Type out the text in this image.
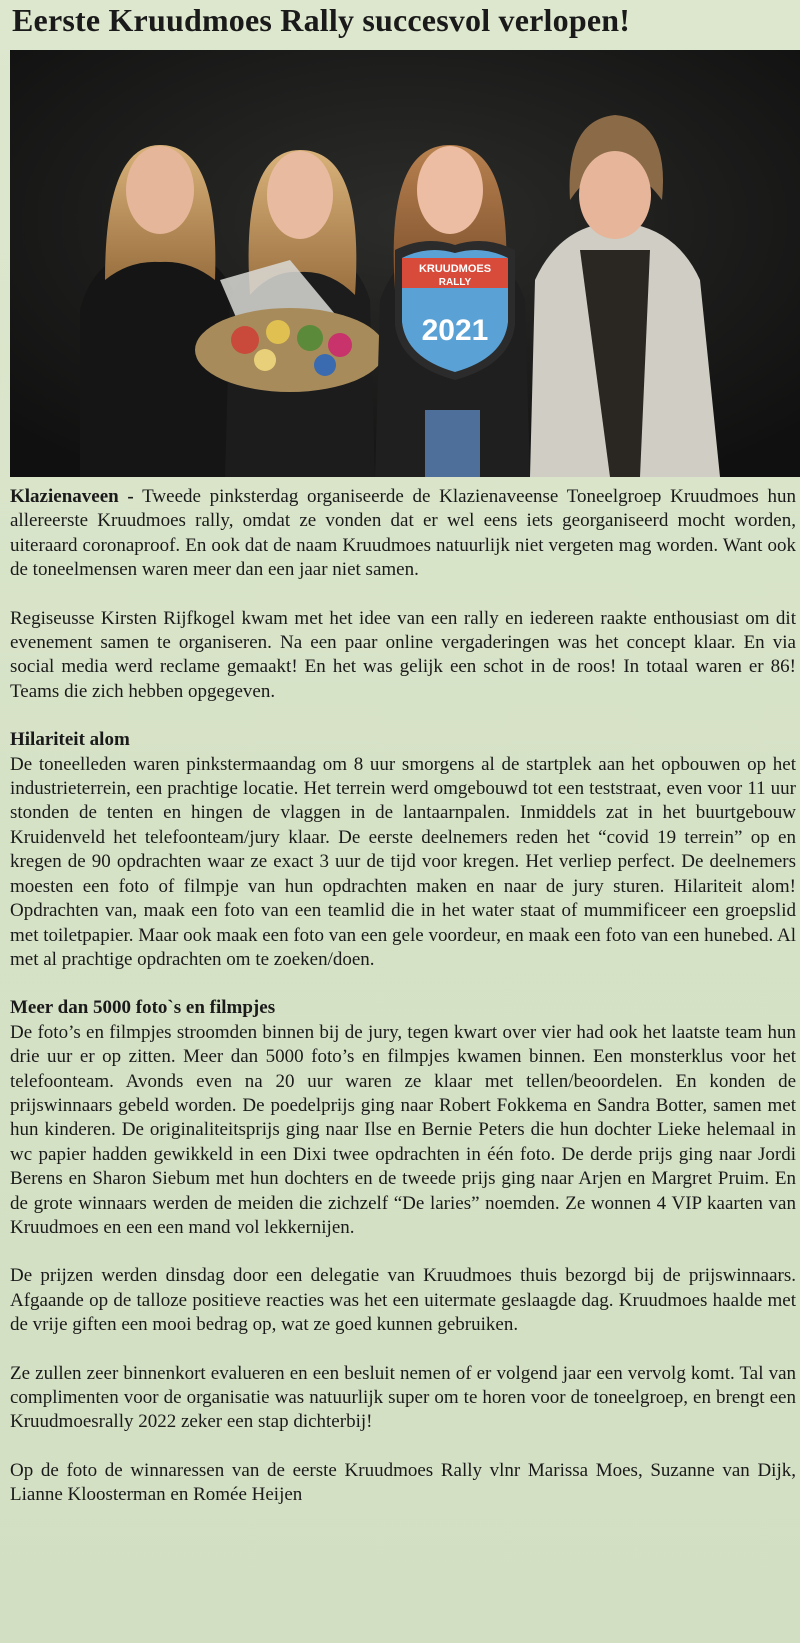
Eerste Kruudmoes Rally succesvol verlopen!
KRUUDMOES
RALLY
2021

Klazienaveen - Tweede pinksterdag organiseerde de Klazienaveense Toneelgroep Kruudmoes hun allereerste Kruudmoes rally, omdat ze vonden dat er wel eens iets georganiseerd mocht worden, uiteraard coronaproof. En ook dat de naam Kruudmoes natuurlijk niet vergeten mag worden. Want ook de toneelmensen waren meer dan een jaar niet samen.

Regiseusse Kirsten Rijfkogel kwam met het idee van een rally en iedereen raakte enthousiast om dit evenement samen te organiseren. Na een paar online vergaderingen was het concept klaar. En via social media werd reclame gemaakt! En het was gelijk een schot in de roos! In totaal waren er 86! Teams die zich hebben opgegeven.

Hilariteit alom

De toneelleden waren pinkstermaandag om 8 uur smorgens al de startplek aan het opbouwen op het industrieterrein, een prachtige locatie. Het terrein werd omgebouwd tot een teststraat, even voor 11 uur stonden de tenten en hingen de vlaggen in de lantaarnpalen. Inmiddels zat in het buurtgebouw Kruidenveld het telefoonteam/jury klaar. De eerste deelnemers reden het “covid 19 terrein” op en kregen de 90 opdrachten waar ze exact 3 uur de tijd voor kregen. Het verliep perfect. De deelnemers moesten een foto of filmpje van hun opdrachten maken en naar de jury sturen. Hilariteit alom! Opdrachten van, maak een foto van een teamlid die in het water staat of mummificeer een groepslid met toiletpapier. Maar ook maak een foto van een gele voordeur, en maak een foto van een hunebed. Al met al prachtige opdrachten om te zoeken/doen.

Meer dan 5000 foto`s en filmpjes

De foto’s en filmpjes stroomden binnen bij de jury, tegen kwart over vier had ook het laatste team hun drie uur er op zitten. Meer dan 5000 foto’s en filmpjes kwamen binnen. Een monsterklus voor het telefoonteam. Avonds even na 20 uur waren ze klaar met tellen/beoordelen. En konden de prijswinnaars gebeld worden. De poedelprijs ging naar Robert Fokkema en Sandra Botter, samen met hun kinderen. De originaliteitsprijs ging naar Ilse en Bernie Peters die hun dochter Lieke helemaal in wc papier hadden gewikkeld in een Dixi twee opdrachten in één foto. De derde prijs ging naar Jordi Berens en Sharon Siebum met hun dochters en de tweede prijs ging naar Arjen en Margret Pruim. En de grote winnaars werden de meiden die zichzelf “De laries” noemden. Ze wonnen 4 VIP kaarten van Kruudmoes en een een mand vol lekkernijen.

De prijzen werden dinsdag door een delegatie van Kruudmoes thuis bezorgd bij de prijswinnaars. Afgaande op de talloze positieve reacties was het een uitermate geslaagde dag. Kruudmoes haalde met de vrije giften een mooi bedrag op, wat ze goed kunnen gebruiken.

Ze zullen zeer binnenkort evalueren en een besluit nemen of er volgend jaar een vervolg komt. Tal van complimenten voor de organisatie was natuurlijk super om te horen voor de toneelgroep, en brengt een Kruudmoesrally 2022 zeker een stap dichterbij!

Op de foto de winnaressen van de eerste Kruudmoes Rally vlnr Marissa Moes, Suzanne van Dijk, Lianne Kloosterman en Romée Heijen
